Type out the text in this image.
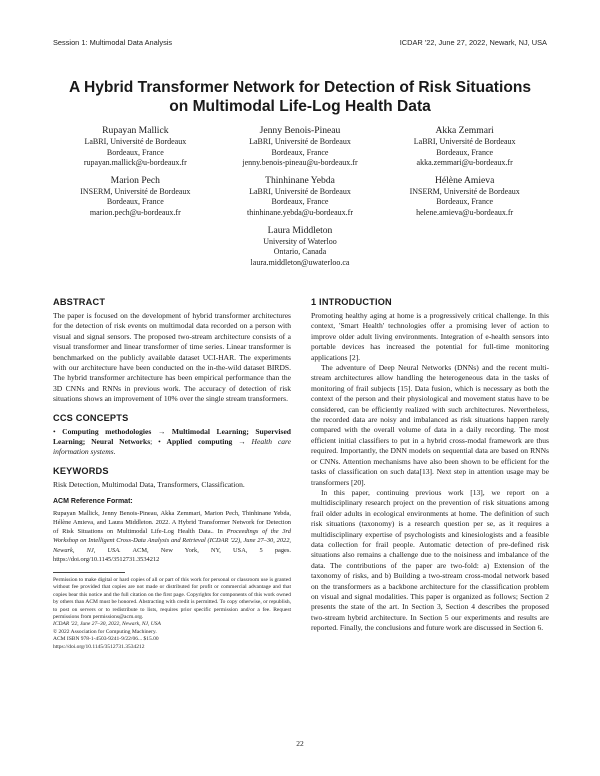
Session 1: Multimodal Data Analysis	ICDAR '22, June 27, 2022, Newark, NJ, USA
A Hybrid Transformer Network for Detection of Risk Situations
on Multimodal Life-Log Health Data
Rupayan Mallick
LaBRI, Université de Bordeaux
Bordeaux, France
rupayan.mallick@u-bordeaux.fr
Jenny Benois-Pineau
LaBRI, Université de Bordeaux
Bordeaux, France
jenny.benois-pineau@u-bordeaux.fr
Akka Zemmari
LaBRI, Université de Bordeaux
Bordeaux, France
akka.zemmari@u-bordeaux.fr
Marion Pech
INSERM, Université de Bordeaux
Bordeaux, France
marion.pech@u-bordeaux.fr
Thinhinane Yebda
LaBRI, Université de Bordeaux
Bordeaux, France
thinhinane.yebda@u-bordeaux.fr
Hélène Amieva
INSERM, Université de Bordeaux
Bordeaux, France
helene.amieva@u-bordeaux.fr
Laura Middleton
University of Waterloo
Ontario, Canada
laura.middleton@uwaterloo.ca
ABSTRACT

The paper is focused on the development of hybrid transformer architectures for the detection of risk events on multimodal data recorded on a person with visual and signal sensors. The proposed two-stream architecture consists of a visual transformer and linear transformer of time series. Linear transformer is benchmarked on the publicly available dataset UCI-HAR. The experiments with our architecture have been conducted on the in-the-wild dataset BIRDS. The hybrid transformer architecture has been empirical performance than the 3D CNNs and RNNs in previous work. The accuracy of detection of risk situations shows an improvement of 10% over the single stream transformers.

CCS CONCEPTS

• Computing methodologies → Multimodal Learning; Supervised Learning; Neural Networks; • Applied computing → Health care information systems.

KEYWORDS

Risk Detection, Multimodal Data, Transformers, Classification.

ACM Reference Format:

Rupayan Mallick, Jenny Benois-Pineau, Akka Zemmari, Marion Pech, Thinhinane Yebda, Hélène Amieva, and Laura Middleton. 2022. A Hybrid Transformer Network for Detection of Risk Situations on Multimodal Life-Log Health Data.. In Proceedings of the 3rd Workshop on Intelligent Cross-Data Analysis and Retrieval (ICDAR '22), June 27–30, 2022, Newark, NJ, USA. ACM, New York, NY, USA, 5 pages. https://doi.org/10.1145/3512731.3534212

Permission to make digital or hard copies of all or part of this work for personal or classroom use is granted without fee provided that copies are not made or distributed for profit or commercial advantage and that copies bear this notice and the full citation on the first page. Copyrights for components of this work owned by others than ACM must be honored. Abstracting with credit is permitted. To copy otherwise, or republish, to post on servers or to redistribute to lists, requires prior specific permission and/or a fee. Request permissions from permissions@acm.org.

ICDAR '22, June 27–30, 2022, Newark, NJ, USA
© 2022 Association for Computing Machinery.
ACM ISBN 978-1-4503-9241-9/22/06... $15.00
https://doi.org/10.1145/3512731.3534212
1 INTRODUCTION

Promoting healthy aging at home is a progressively critical challenge. In this context, 'Smart Health' technologies offer a promising lever of action to improve older adult living environments. Integration of e-health sensors into portable devices has increased the potential for full-time monitoring applications [2].

The adventure of Deep Neural Networks (DNNs) and the recent multi-stream architectures allow handling the heterogeneous data in the tasks of monitoring of frail subjects [15]. Data fusion, which is necessary as both the context of the person and their physiological and movement status have to be considered, can be efficiently realized with such architectures. Nevertheless, the recorded data are noisy and imbalanced as risk situations happen rarely compared with the overall volume of data in a daily recording. The most efficient initial classifiers to put in a hybrid cross-modal framework are thus required. Importantly, the DNN models on sequential data are based on RNNs or CNNs. Attention mechanisms have also been shown to be efficient for the tasks of classification on such data[13]. Next step in attention usage may be transformers [20].

In this paper, continuing previous work [13], we report on a multidisciplinary research project on the prevention of risk situations among frail older adults in ecological environments at home. The definition of such risk situations (taxonomy) is a research question per se, as it requires a multidisciplinary expertise of psychologists and kinesiologists and a feasible data collection for frail people. Automatic detection of pre-defined risk situations also remains a challenge due to the noisiness and imbalance of the data. The contributions of the paper are two-fold: a) Extension of the taxonomy of risks, and b) Building a two-stream cross-modal network based on the transformers as a backbone architecture for the classification problem on visual and signal modalities. This paper is organized as follows; Section 2 presents the state of the art. In Section 3, Section 4 describes the proposed two-stream hybrid architecture. In Section 5 our experiments and results are reported. Finally, the conclusions and future work are discussed in Section 6.

22
